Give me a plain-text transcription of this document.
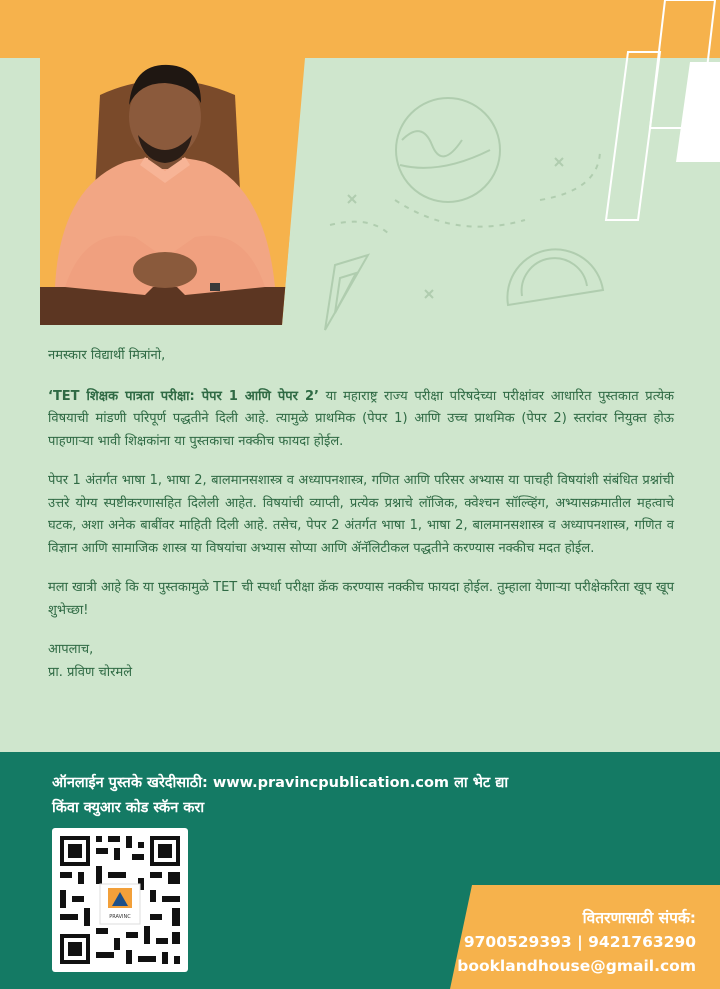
नमस्कार विद्यार्थी मित्रांनो,

‘TET शिक्षक पात्रता परीक्षा: पेपर 1 आणि पेपर 2’ या महाराष्ट्र राज्य परीक्षा परिषदेच्या परीक्षांवर आधारित पुस्तकात प्रत्येक विषयाची मांडणी परिपूर्ण पद्धतीने दिली आहे. त्यामुळे प्राथमिक (पेपर 1) आणि उच्च प्राथमिक (पेपर 2) स्तरांवर नियुक्त होऊ पाहणाऱ्या भावी शिक्षकांना या पुस्तकाचा नक्कीच फायदा होईल.

पेपर 1 अंतर्गत भाषा 1, भाषा 2, बालमानसशास्त्र व अध्यापनशास्त्र, गणित आणि परिसर अभ्यास या पाचही विषयांशी संबंधित प्रश्नांची उत्तरे योग्य स्पष्टीकरणासहित दिलेली आहेत. विषयांची व्याप्ती, प्रत्येक प्रश्नाचे लॉजिक, क्वेश्चन सॉल्व्हिंग, अभ्यासक्रमातील महत्वाचे घटक, अशा अनेक बाबींवर माहिती दिली आहे. तसेच, पेपर 2 अंतर्गत भाषा 1, भाषा 2, बालमानसशास्त्र व अध्यापनशास्त्र, गणित व विज्ञान आणि सामाजिक शास्त्र या विषयांचा अभ्यास सोप्या आणि ॲनॅलिटीकल पद्धतीने करण्यास नक्कीच मदत होईल.

मला खात्री आहे कि या पुस्तकामुळे TET ची स्पर्धा परीक्षा क्रॅक करण्यास नक्कीच फायदा होईल. तुम्हाला येणाऱ्या परीक्षेकरिता खूप खूप शुभेच्छा!

आपलाच,

प्रा. प्रविण चोरमले

ऑनलाईन पुस्तके खरेदीसाठी: www.pravincpublication.com ला भेट द्या
किंवा क्युआर कोड स्कॅन करा
PRAVINC	वितरणासाठी संपर्क:
9700529393 | 9421763290
booklandhouse@gmail.com
